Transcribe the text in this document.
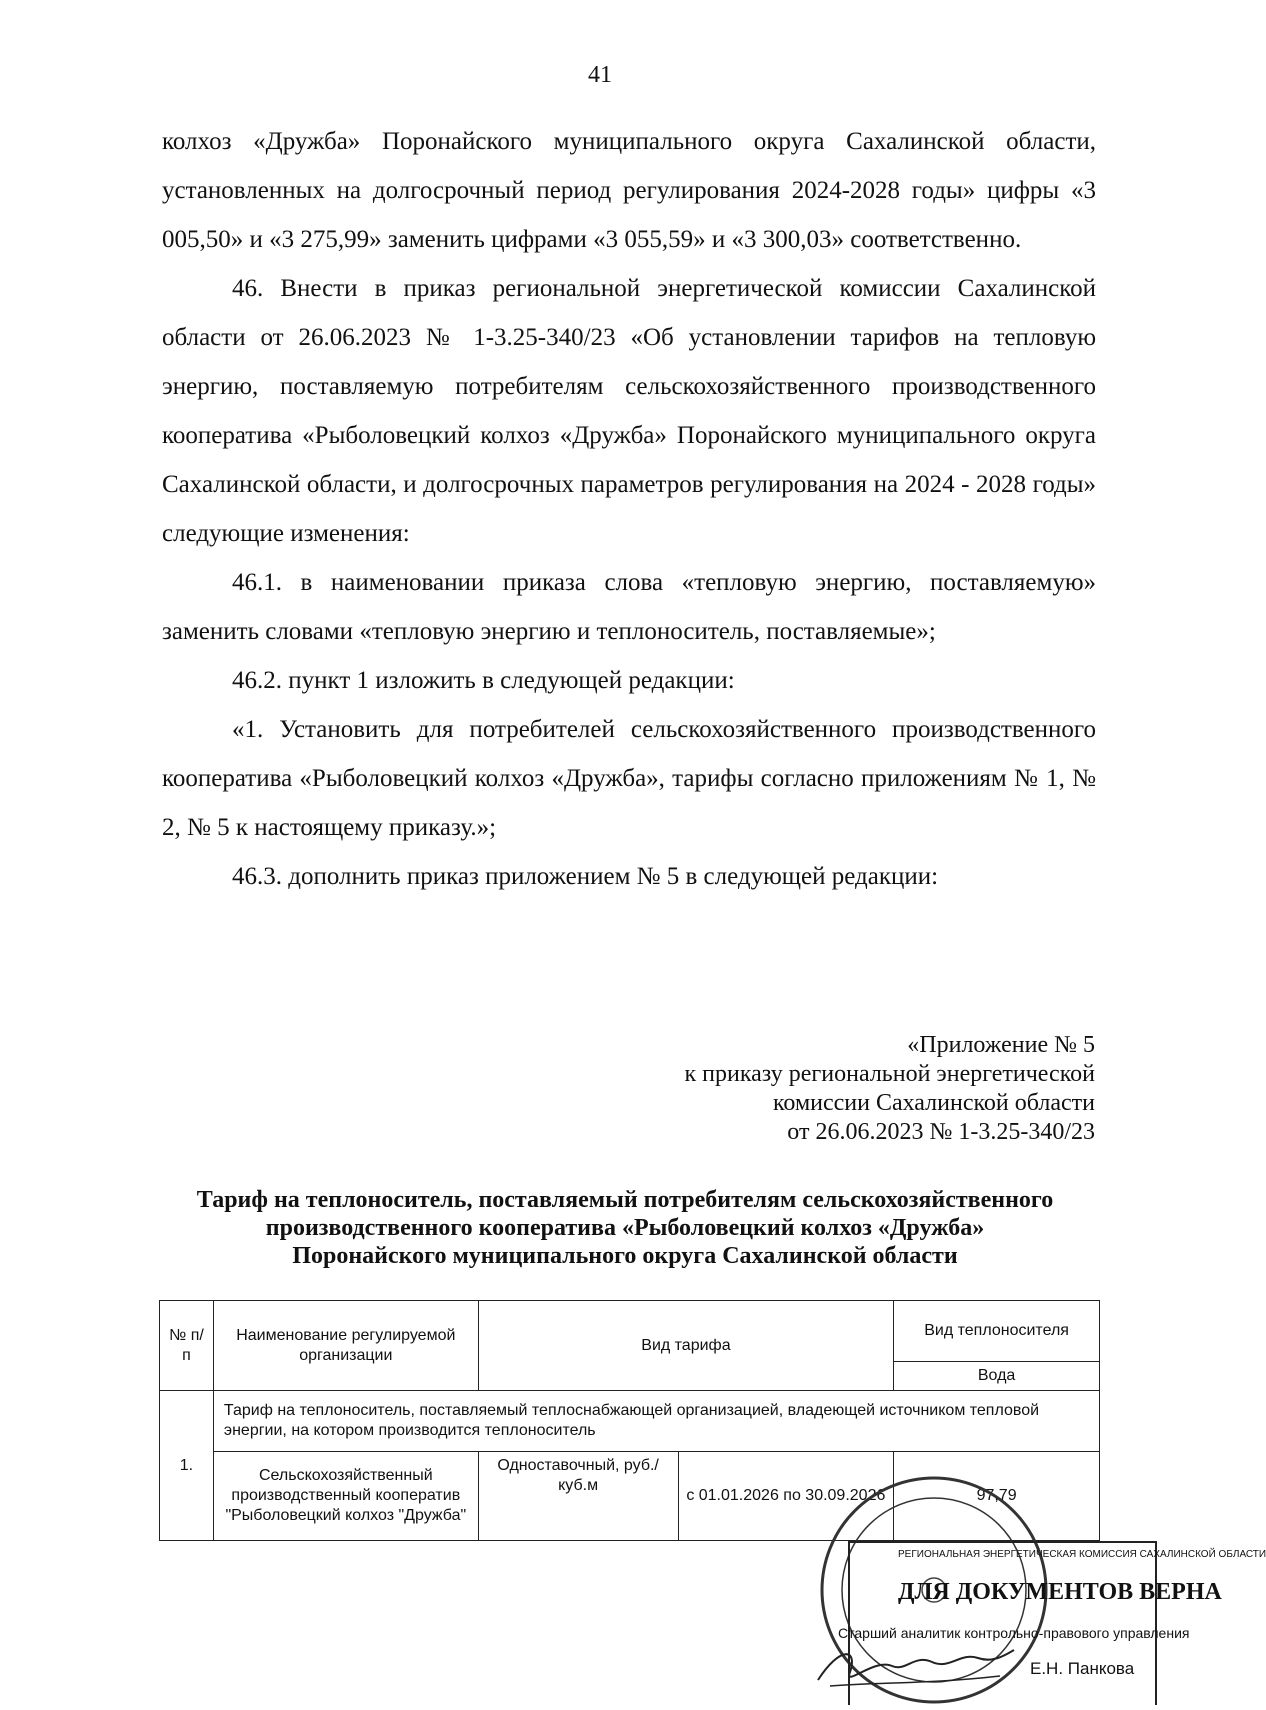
41

колхоз «Дружба» Поронайского муниципального округа Сахалинской области, установленных на долгосрочный период регулирования 2024-2028 годы» цифры «3 005,50» и «3 275,99» заменить цифрами «3 055,59» и «3 300,03» соответственно.

46. Внести в приказ региональной энергетической комиссии Сахалинской области от 26.06.2023 № 1-3.25-340/23 «Об установлении тарифов на тепловую энергию, поставляемую потребителям сельскохозяйственного производственного кооператива «Рыболовецкий колхоз «Дружба» Поронайского муниципального округа Сахалинской области, и долгосрочных параметров регулирования на 2024 - 2028 годы» следующие изменения:

46.1. в наименовании приказа слова «тепловую энергию, поставляемую» заменить словами «тепловую энергию и теплоноситель, поставляемые»;

46.2. пункт 1 изложить в следующей редакции:

«1. Установить для потребителей сельскохозяйственного производственного кооператива «Рыболовецкий колхоз «Дружба», тарифы согласно приложениям № 1, № 2, № 5 к настоящему приказу.»;

46.3. дополнить приказ приложением № 5 в следующей редакции:

«Приложение № 5
к приказу региональной энергетической
комиссии Сахалинской области
от 26.06.2023 № 1-3.25-340/23
Тариф на теплоноситель, поставляемый потребителям сельскохозяйственного
производственного кооператива «Рыболовецкий колхоз «Дружба»
Поронайского муниципального округа Сахалинской области
№ п/п	Наименование регулируемой организации	Вид тарифа		Вид теплоносителя
				Вода
1.	Тариф на теплоноситель, поставляемый теплоснабжающей организацией, владеющей источником тепловой энергии, на котором производится теплоноситель			
	Сельскохозяйственный производственный кооператив "Рыболовецкий колхоз "Дружба"	Одноставочный, руб./куб.м	с 01.01.2026 по 30.09.2026	97,79
РЕГИОНАЛЬНАЯ ЭНЕРГЕТИЧЕСКАЯ КОМИССИЯ САХАЛИНСКОЙ ОБЛАСТИ
ДЛЯ ДОКУМЕНТОВ ВЕРНА
Старший аналитик контрольно-правового управления
Е.Н. Панкова
